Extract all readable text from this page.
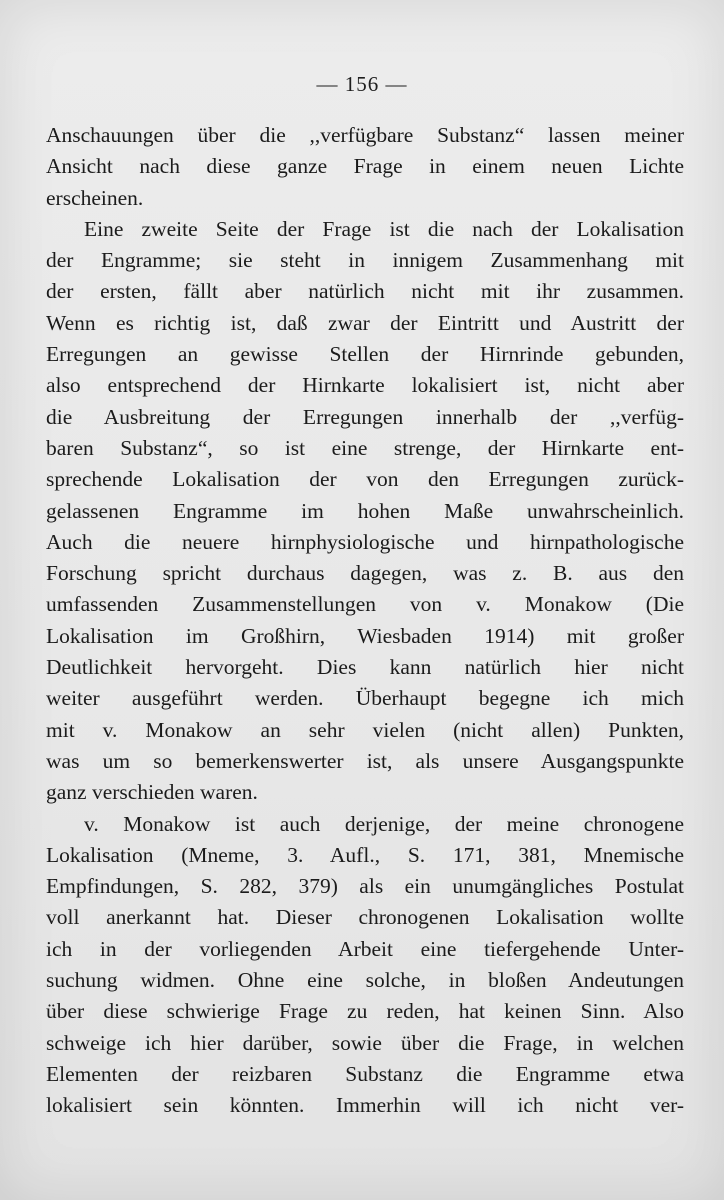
— 156 —
Anschauungen über die ,,verfügbare Substanz“ lassen meiner
Ansicht nach diese ganze Frage in einem neuen Lichte
erscheinen.
Eine zweite Seite der Frage ist die nach der Lokalisation
der Engramme; sie steht in innigem Zusammenhang mit
der ersten, fällt aber natürlich nicht mit ihr zusammen.
Wenn es richtig ist, daß zwar der Eintritt und Austritt der
Erregungen an gewisse Stellen der Hirnrinde gebunden,
also entsprechend der Hirnkarte lokalisiert ist, nicht aber
die Ausbreitung der Erregungen innerhalb der ,,verfüg-
baren Substanz“, so ist eine strenge, der Hirnkarte ent-
sprechende Lokalisation der von den Erregungen zurück-
gelassenen Engramme im hohen Maße unwahrscheinlich.
Auch die neuere hirnphysiologische und hirnpathologische
Forschung spricht durchaus dagegen, was z. B. aus den
umfassenden Zusammenstellungen von v. Monakow (Die
Lokalisation im Großhirn, Wiesbaden 1914) mit großer
Deutlichkeit hervorgeht. Dies kann natürlich hier nicht
weiter ausgeführt werden. Überhaupt begegne ich mich
mit v. Monakow an sehr vielen (nicht allen) Punkten,
was um so bemerkenswerter ist, als unsere Ausgangspunkte
ganz verschieden waren.
v. Monakow ist auch derjenige, der meine chronogene
Lokalisation (Mneme, 3. Aufl., S. 171, 381, Mnemische
Empfindungen, S. 282, 379) als ein unumgängliches Postulat
voll anerkannt hat. Dieser chronogenen Lokalisation wollte
ich in der vorliegenden Arbeit eine tiefergehende Unter-
suchung widmen. Ohne eine solche, in bloßen Andeutungen
über diese schwierige Frage zu reden, hat keinen Sinn. Also
schweige ich hier darüber, sowie über die Frage, in welchen
Elementen der reizbaren Substanz die Engramme etwa
lokalisiert sein könnten. Immerhin will ich nicht ver-
